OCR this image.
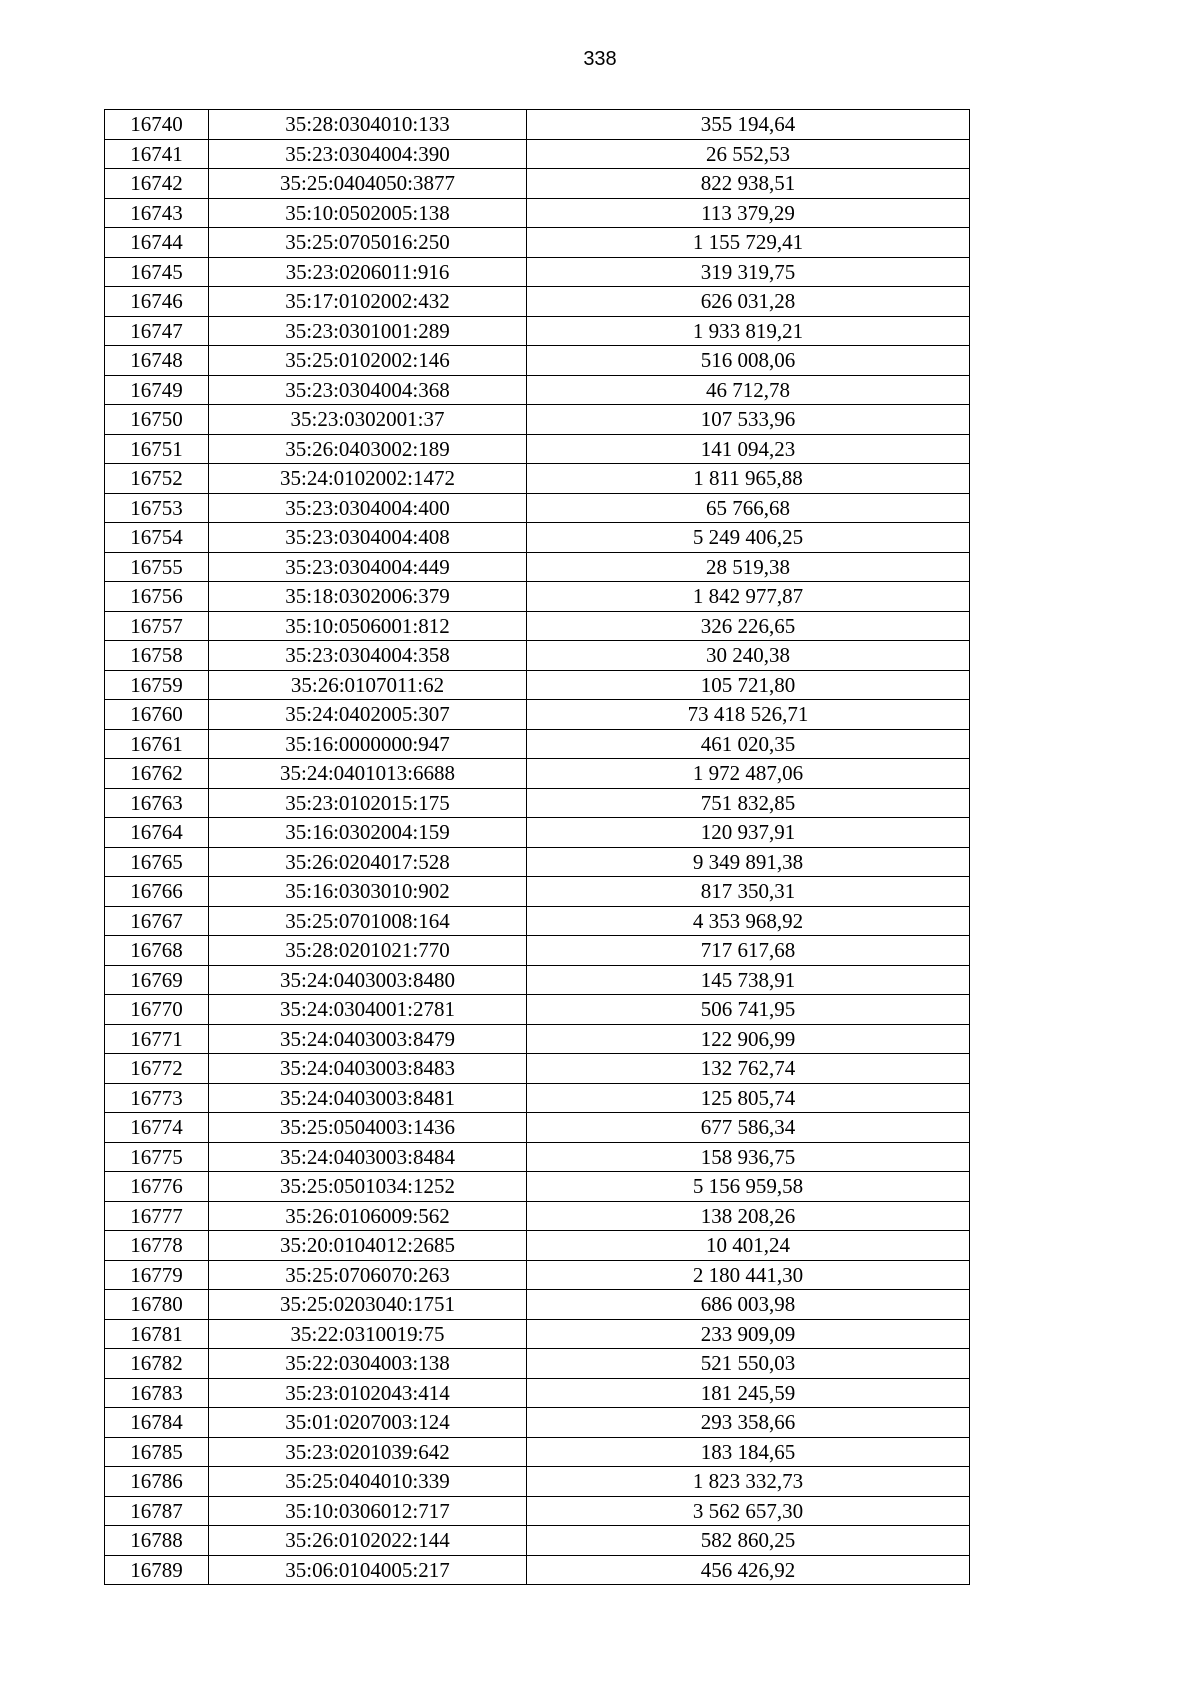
338
16740	35:28:0304010:133	355 194,64
16741	35:23:0304004:390	26 552,53
16742	35:25:0404050:3877	822 938,51
16743	35:10:0502005:138	113 379,29
16744	35:25:0705016:250	1 155 729,41
16745	35:23:0206011:916	319 319,75
16746	35:17:0102002:432	626 031,28
16747	35:23:0301001:289	1 933 819,21
16748	35:25:0102002:146	516 008,06
16749	35:23:0304004:368	46 712,78
16750	35:23:0302001:37	107 533,96
16751	35:26:0403002:189	141 094,23
16752	35:24:0102002:1472	1 811 965,88
16753	35:23:0304004:400	65 766,68
16754	35:23:0304004:408	5 249 406,25
16755	35:23:0304004:449	28 519,38
16756	35:18:0302006:379	1 842 977,87
16757	35:10:0506001:812	326 226,65
16758	35:23:0304004:358	30 240,38
16759	35:26:0107011:62	105 721,80
16760	35:24:0402005:307	73 418 526,71
16761	35:16:0000000:947	461 020,35
16762	35:24:0401013:6688	1 972 487,06
16763	35:23:0102015:175	751 832,85
16764	35:16:0302004:159	120 937,91
16765	35:26:0204017:528	9 349 891,38
16766	35:16:0303010:902	817 350,31
16767	35:25:0701008:164	4 353 968,92
16768	35:28:0201021:770	717 617,68
16769	35:24:0403003:8480	145 738,91
16770	35:24:0304001:2781	506 741,95
16771	35:24:0403003:8479	122 906,99
16772	35:24:0403003:8483	132 762,74
16773	35:24:0403003:8481	125 805,74
16774	35:25:0504003:1436	677 586,34
16775	35:24:0403003:8484	158 936,75
16776	35:25:0501034:1252	5 156 959,58
16777	35:26:0106009:562	138 208,26
16778	35:20:0104012:2685	10 401,24
16779	35:25:0706070:263	2 180 441,30
16780	35:25:0203040:1751	686 003,98
16781	35:22:0310019:75	233 909,09
16782	35:22:0304003:138	521 550,03
16783	35:23:0102043:414	181 245,59
16784	35:01:0207003:124	293 358,66
16785	35:23:0201039:642	183 184,65
16786	35:25:0404010:339	1 823 332,73
16787	35:10:0306012:717	3 562 657,30
16788	35:26:0102022:144	582 860,25
16789	35:06:0104005:217	456 426,92
